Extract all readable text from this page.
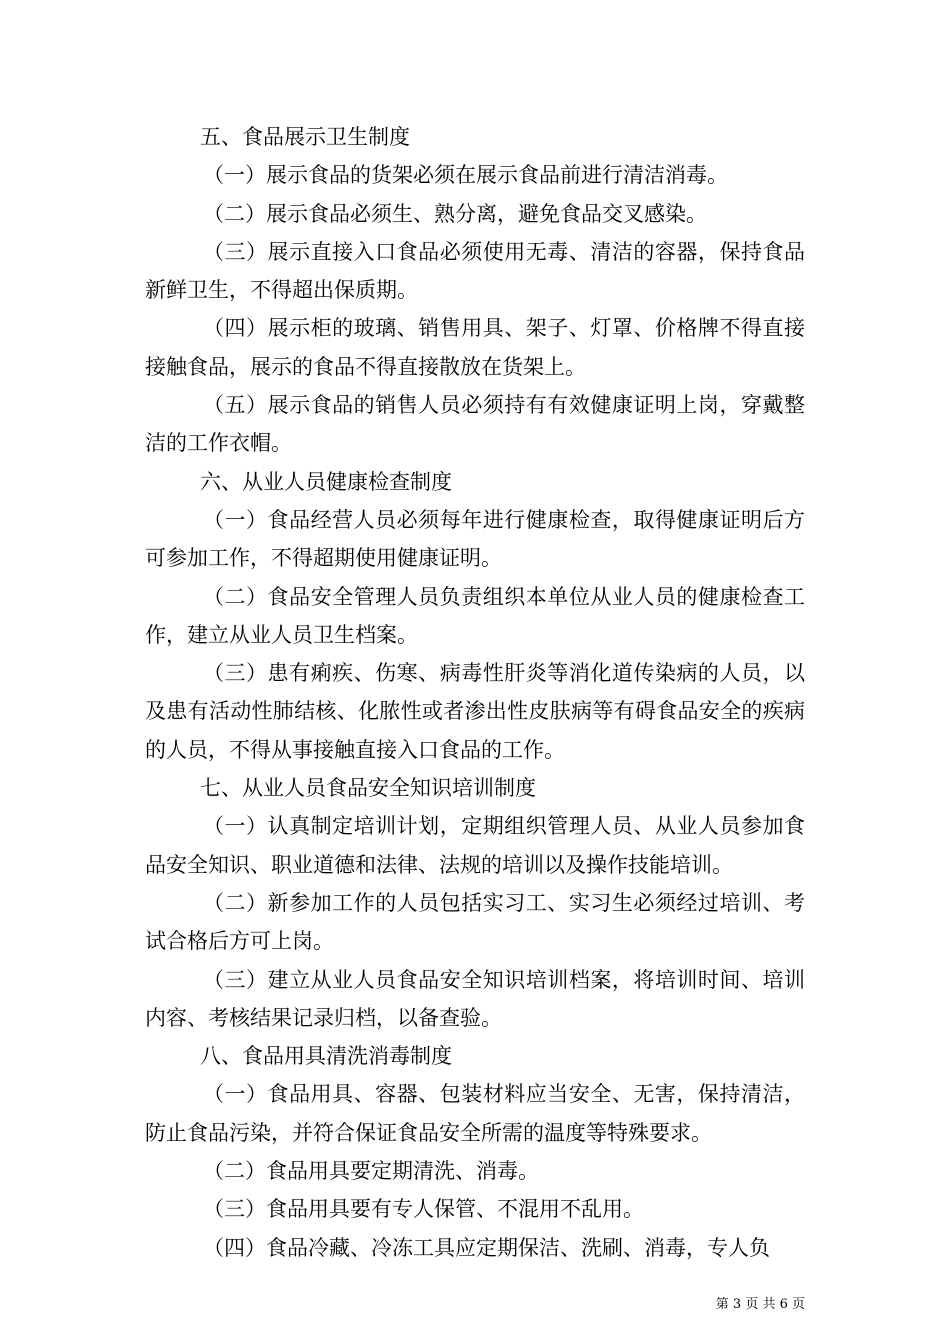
五、食品展示卫生制度

（一）展示食品的货架必须在展示食品前进行清洁消毒。

（二）展示食品必须生、熟分离，避免食品交叉感染。

（三）展示直接入口食品必须使用无毒、清洁的容器，保持食品新鲜卫生，不得超出保质期。

（四）展示柜的玻璃、销售用具、架子、灯罩、价格牌不得直接接触食品，展示的食品不得直接散放在货架上。

（五）展示食品的销售人员必须持有有效健康证明上岗，穿戴整洁的工作衣帽。

六、从业人员健康检查制度

（一）食品经营人员必须每年进行健康检查，取得健康证明后方可参加工作，不得超期使用健康证明。

（二）食品安全管理人员负责组织本单位从业人员的健康检查工作，建立从业人员卫生档案。

（三）患有痢疾、伤寒、病毒性肝炎等消化道传染病的人员，以及患有活动性肺结核、化脓性或者渗出性皮肤病等有碍食品安全的疾病的人员，不得从事接触直接入口食品的工作。

七、从业人员食品安全知识培训制度

（一）认真制定培训计划，定期组织管理人员、从业人员参加食品安全知识、职业道德和法律、法规的培训以及操作技能培训。

（二）新参加工作的人员包括实习工、实习生必须经过培训、考试合格后方可上岗。

（三）建立从业人员食品安全知识培训档案，将培训时间、培训内容、考核结果记录归档，以备查验。

八、食品用具清洗消毒制度

（一）食品用具、容器、包装材料应当安全、无害，保持清洁，防止食品污染，并符合保证食品安全所需的温度等特殊要求。

（二）食品用具要定期清洗、消毒。

（三）食品用具要有专人保管、不混用不乱用。

（四）食品冷藏、冷冻工具应定期保洁、洗刷、消毒，专人负

第 3 页 共 6 页
